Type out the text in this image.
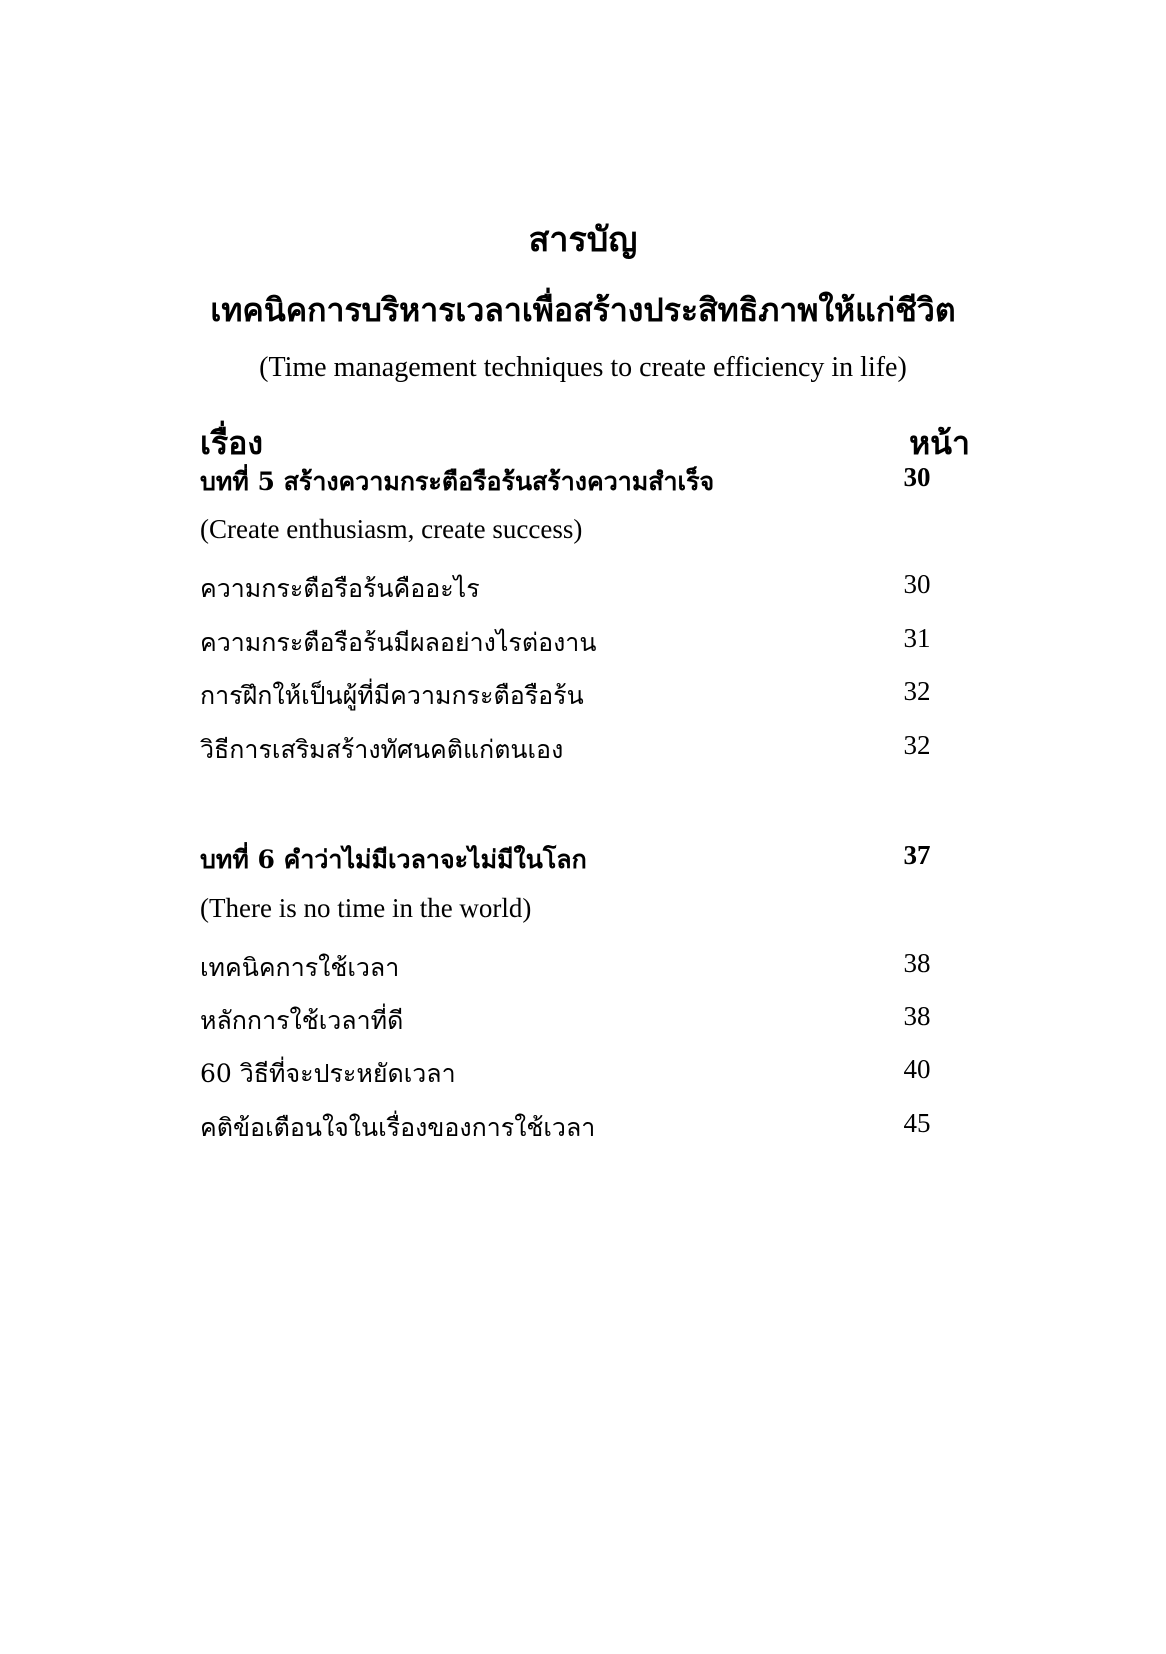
สารบัญ
เทคนิคการบริหารเวลาเพื่อสร้างประสิทธิภาพให้แก่ชีวิต
(Time management techniques to create efficiency in life)
เรื่อง	หน้า
บทที่ 5 สร้างความกระตือรือร้นสร้างความสำเร็จ	30
(Create enthusiasm, create success)
ความกระตือรือร้นคืออะไร	30
ความกระตือรือร้นมีผลอย่างไรต่องาน	31
การฝึกให้เป็นผู้ที่มีความกระตือรือร้น	32
วิธีการเสริมสร้างทัศนคติแก่ตนเอง	32
บทที่ 6 คำว่าไม่มีเวลาจะไม่มีในโลก	37
(There is no time in the world)
เทคนิคการใช้เวลา	38
หลักการใช้เวลาที่ดี	38
60 วิธีที่จะประหยัดเวลา	40
คติข้อเตือนใจในเรื่องของการใช้เวลา	45
